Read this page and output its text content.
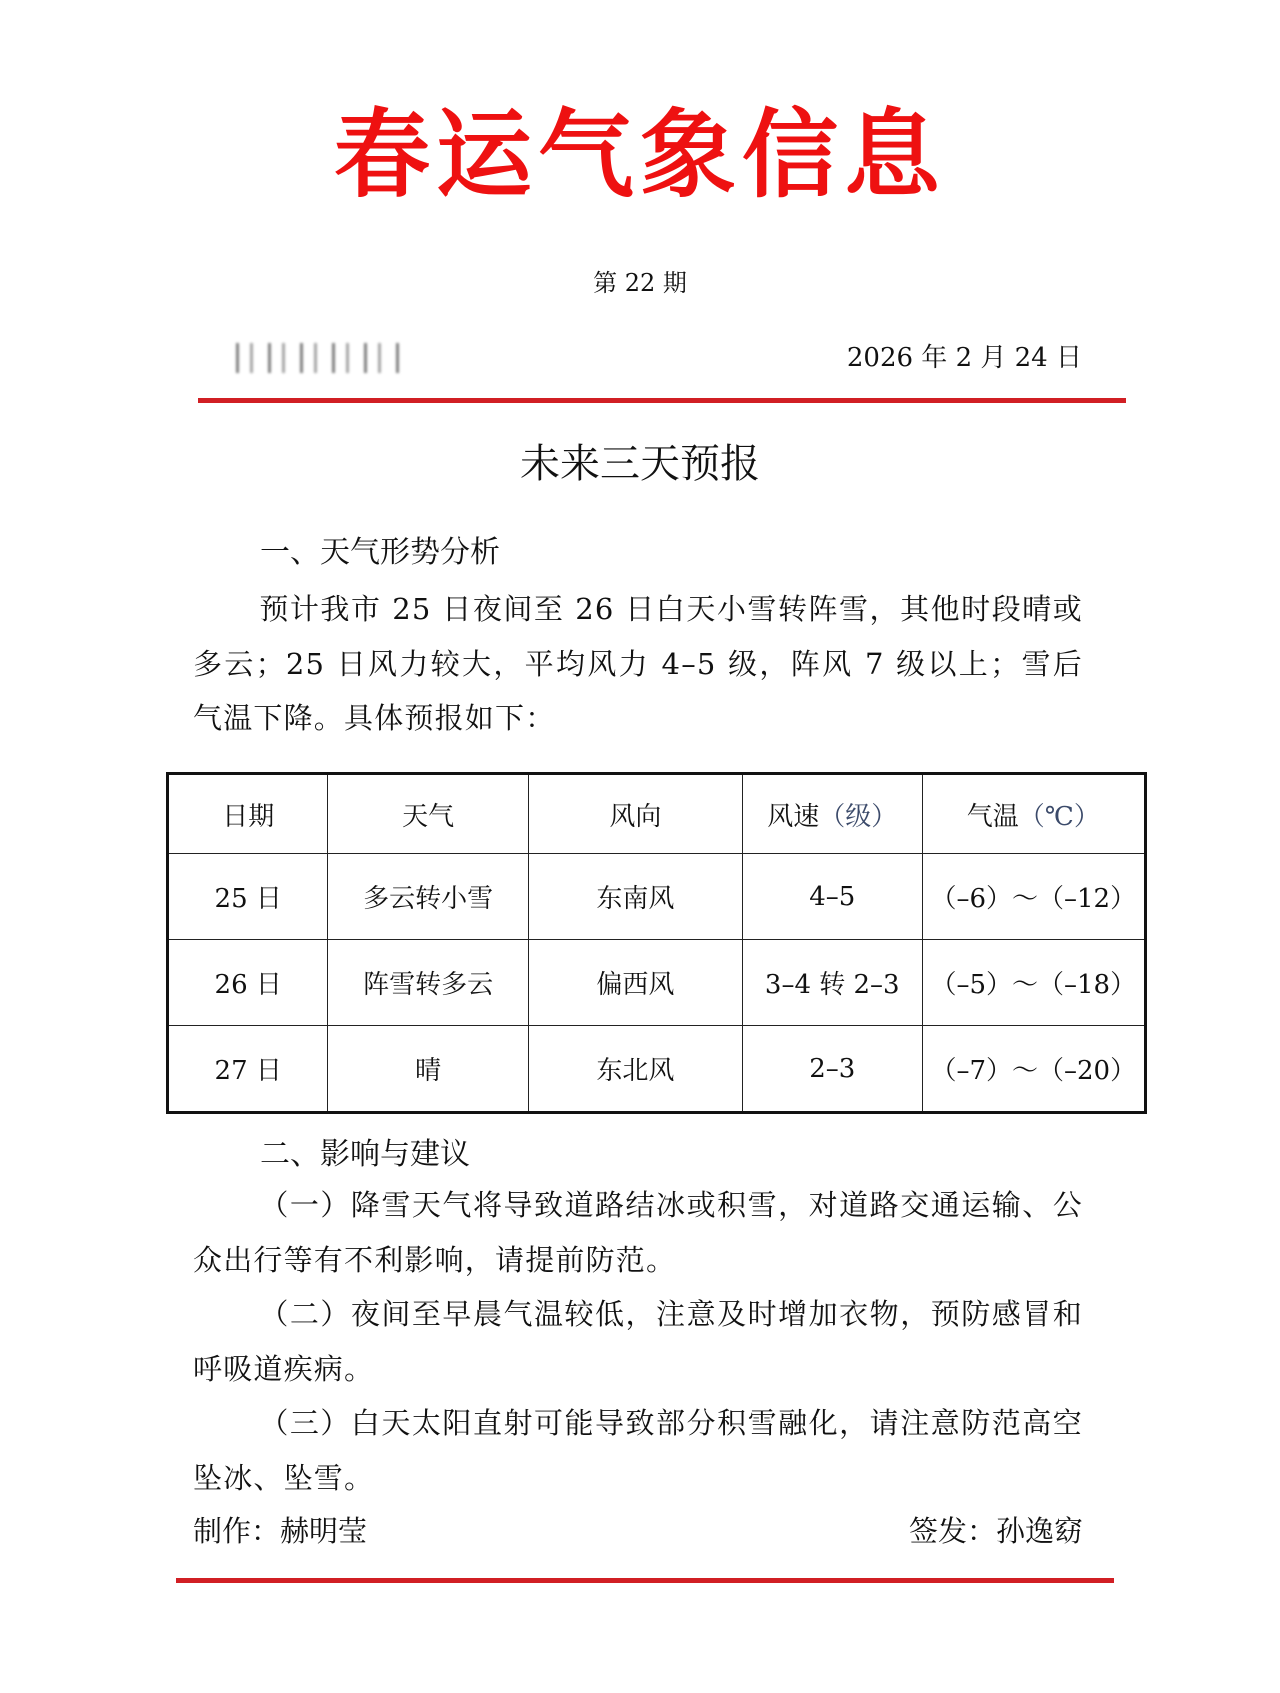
春运气象信息
第 22 期
2026 年 2 月 24 日
未来三天预报
一、天气形势分析
预计我市 25 日夜间至 26 日白天小雪转阵雪，其他时段晴或多云；25 日风力较大，平均风力 4–5 级，阵风 7 级以上；雪后气温下降。具体预报如下：
日期	天气	风向	风速（级）	气温（℃）
25 日	多云转小雪	东南风	4–5	（–6）～（–12）
26 日	阵雪转多云	偏西风	3–4 转 2–3	（–5）～（–18）
27 日	晴	东北风	2–3	（–7）～（–20）
二、影响与建议
（一）降雪天气将导致道路结冰或积雪，对道路交通运输、公众出行等有不利影响，请提前防范。
（二）夜间至早晨气温较低，注意及时增加衣物，预防感冒和呼吸道疾病。
（三）白天太阳直射可能导致部分积雪融化，请注意防范高空坠冰、坠雪。
制作：赫明莹	签发：孙逸窈
